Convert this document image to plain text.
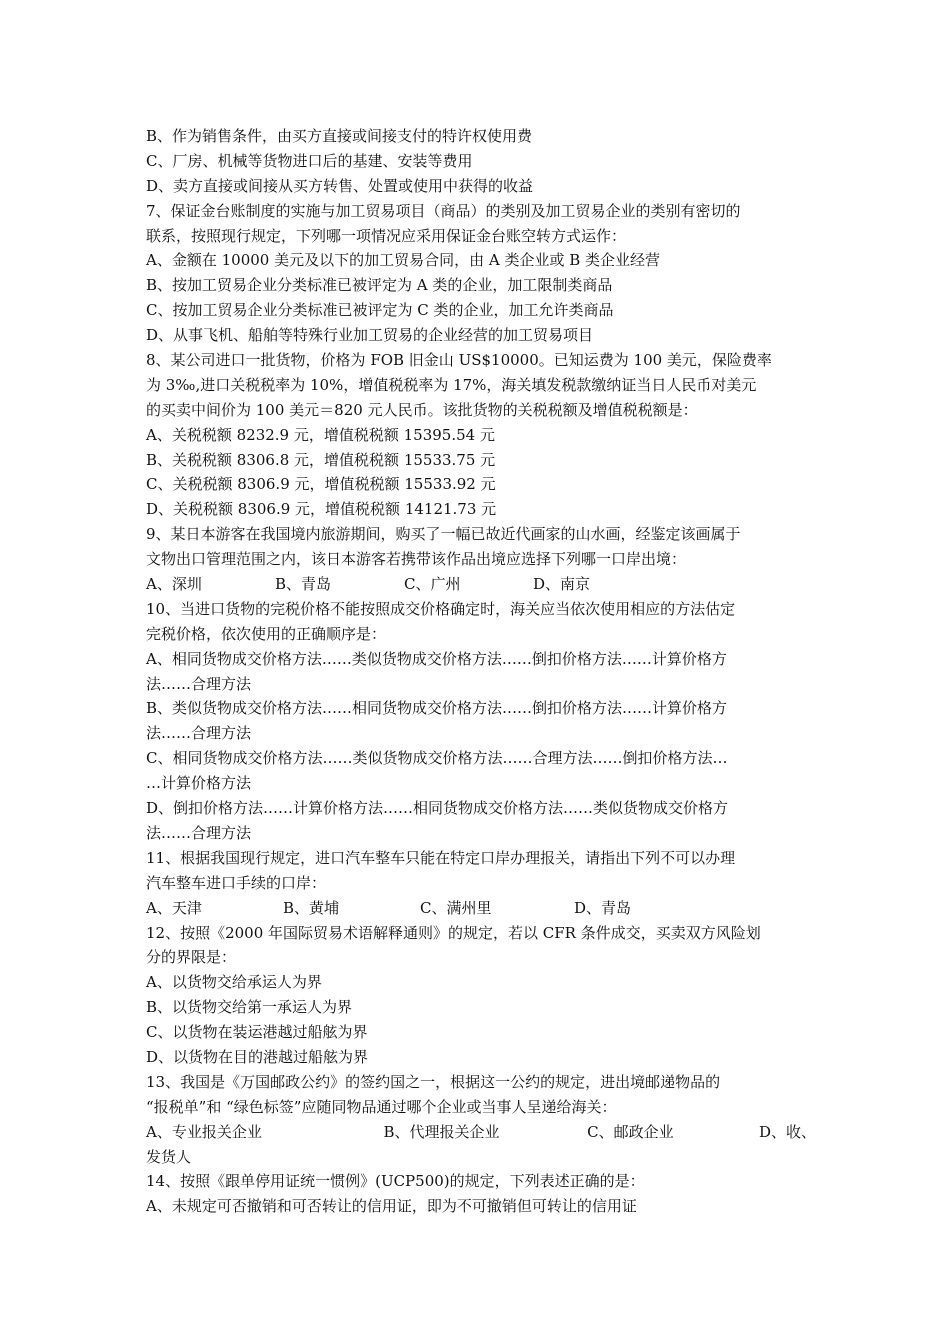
B、作为销售条件，由买方直接或间接支付的特许权使用费
C、厂房、机械等货物进口后的基建、安装等费用
D、卖方直接或间接从买方转售、处置或使用中获得的收益
7、保证金台账制度的实施与加工贸易项目（商品）的类别及加工贸易企业的类别有密切的
联系，按照现行规定，下列哪一项情况应采用保证金台账空转方式运作：
A、金额在 10000 美元及以下的加工贸易合同，由 A 类企业或 B 类企业经营
B、按加工贸易企业分类标准已被评定为 A 类的企业，加工限制类商品
C、按加工贸易企业分类标准已被评定为 C 类的企业，加工允许类商品
D、从事飞机、船舶等特殊行业加工贸易的企业经营的加工贸易项目
8、某公司进口一批货物，价格为 FOB 旧金山 US$10000。已知运费为 100 美元，保险费率
为 3‰,进口关税税率为 10%，增值税税率为 17%，海关填发税款缴纳证当日人民币对美元
的买卖中间价为 100 美元＝820 元人民币。该批货物的关税税额及增值税税额是：
A、关税税额 8232.9 元，增值税税额 15395.54 元
B、关税税额 8306.8 元，增值税税额 15533.75 元
C、关税税额 8306.9 元，增值税税额 15533.92 元
D、关税税额 8306.9 元，增值税税额 14121.73 元
9、某日本游客在我国境内旅游期间，购买了一幅已故近代画家的山水画，经鉴定该画属于
文物出口管理范围之内，该日本游客若携带该作品出境应选择下列哪一口岸出境：
A、深圳	B、青岛	C、广州	D、南京
10、当进口货物的完税价格不能按照成交价格确定时，海关应当依次使用相应的方法估定
完税价格，依次使用的正确顺序是：
A、相同货物成交价格方法……类似货物成交价格方法……倒扣价格方法……计算价格方
法……合理方法
B、类似货物成交价格方法……相同货物成交价格方法……倒扣价格方法……计算价格方
法……合理方法
C、相同货物成交价格方法……类似货物成交价格方法……合理方法……倒扣价格方法…
…计算价格方法
D、倒扣价格方法……计算价格方法……相同货物成交价格方法……类似货物成交价格方
法……合理方法
11、根据我国现行规定，进口汽车整车只能在特定口岸办理报关，请指出下列不可以办理
汽车整车进口手续的口岸：
A、天津	B、黄埔	C、满州里	D、青岛
12、按照《2000 年国际贸易术语解释通则》的规定，若以 CFR 条件成交，买卖双方风险划
分的界限是：
A、以货物交给承运人为界
B、以货物交给第一承运人为界
C、以货物在装运港越过船舷为界
D、以货物在目的港越过船舷为界
13、我国是《万国邮政公约》的签约国之一，根据这一公约的规定，进出境邮递物品的
“报税单”和 “绿色标签”应随同物品通过哪个企业或当事人呈递给海关：
A、专业报关企业	B、代理报关企业	C、邮政企业	D、收、
发货人
14、按照《跟单停用证统一惯例》(UCP500)的规定，下列表述正确的是：
A、未规定可否撤销和可否转让的信用证，即为不可撤销但可转让的信用证
